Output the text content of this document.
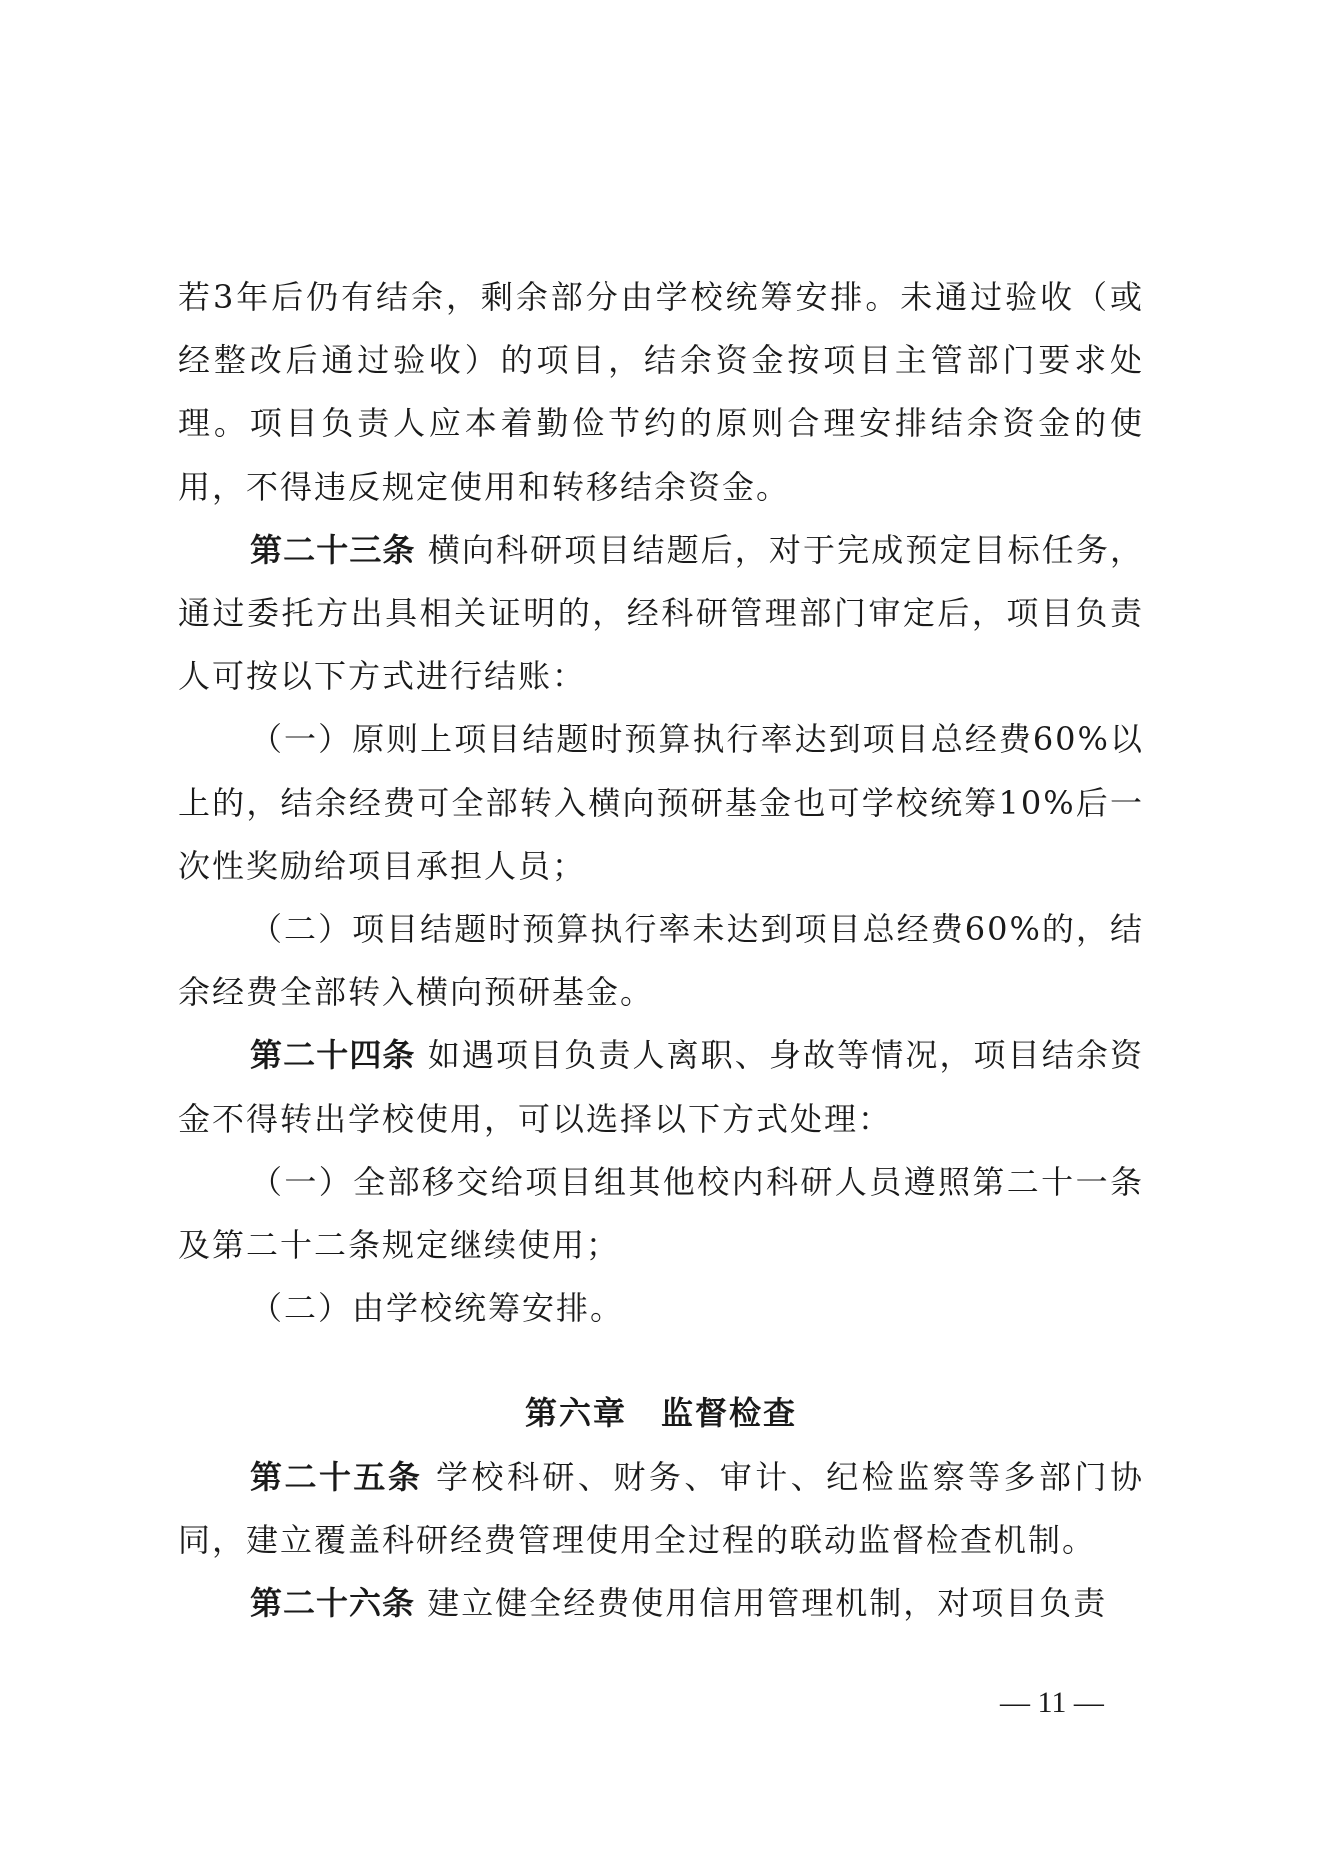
若3年后仍有结余，剩余部分由学校统筹安排。未通过验收（或经整改后通过验收）的项目，结余资金按项目主管部门要求处理。项目负责人应本着勤俭节约的原则合理安排结余资金的使用，不得违反规定使用和转移结余资金。

第二十三条 横向科研项目结题后，对于完成预定目标任务，通过委托方出具相关证明的，经科研管理部门审定后，项目负责人可按以下方式进行结账：

（一）原则上项目结题时预算执行率达到项目总经费60%以上的，结余经费可全部转入横向预研基金也可学校统筹10%后一次性奖励给项目承担人员；

（二）项目结题时预算执行率未达到项目总经费60%的，结余经费全部转入横向预研基金。

第二十四条 如遇项目负责人离职、身故等情况，项目结余资金不得转出学校使用，可以选择以下方式处理：

（一）全部移交给项目组其他校内科研人员遵照第二十一条及第二十二条规定继续使用；

（二）由学校统筹安排。

第六章　监督检查

第二十五条 学校科研、财务、审计、纪检监察等多部门协同，建立覆盖科研经费管理使用全过程的联动监督检查机制。

第二十六条 建立健全经费使用信用管理机制，对项目负责

— 11 —
